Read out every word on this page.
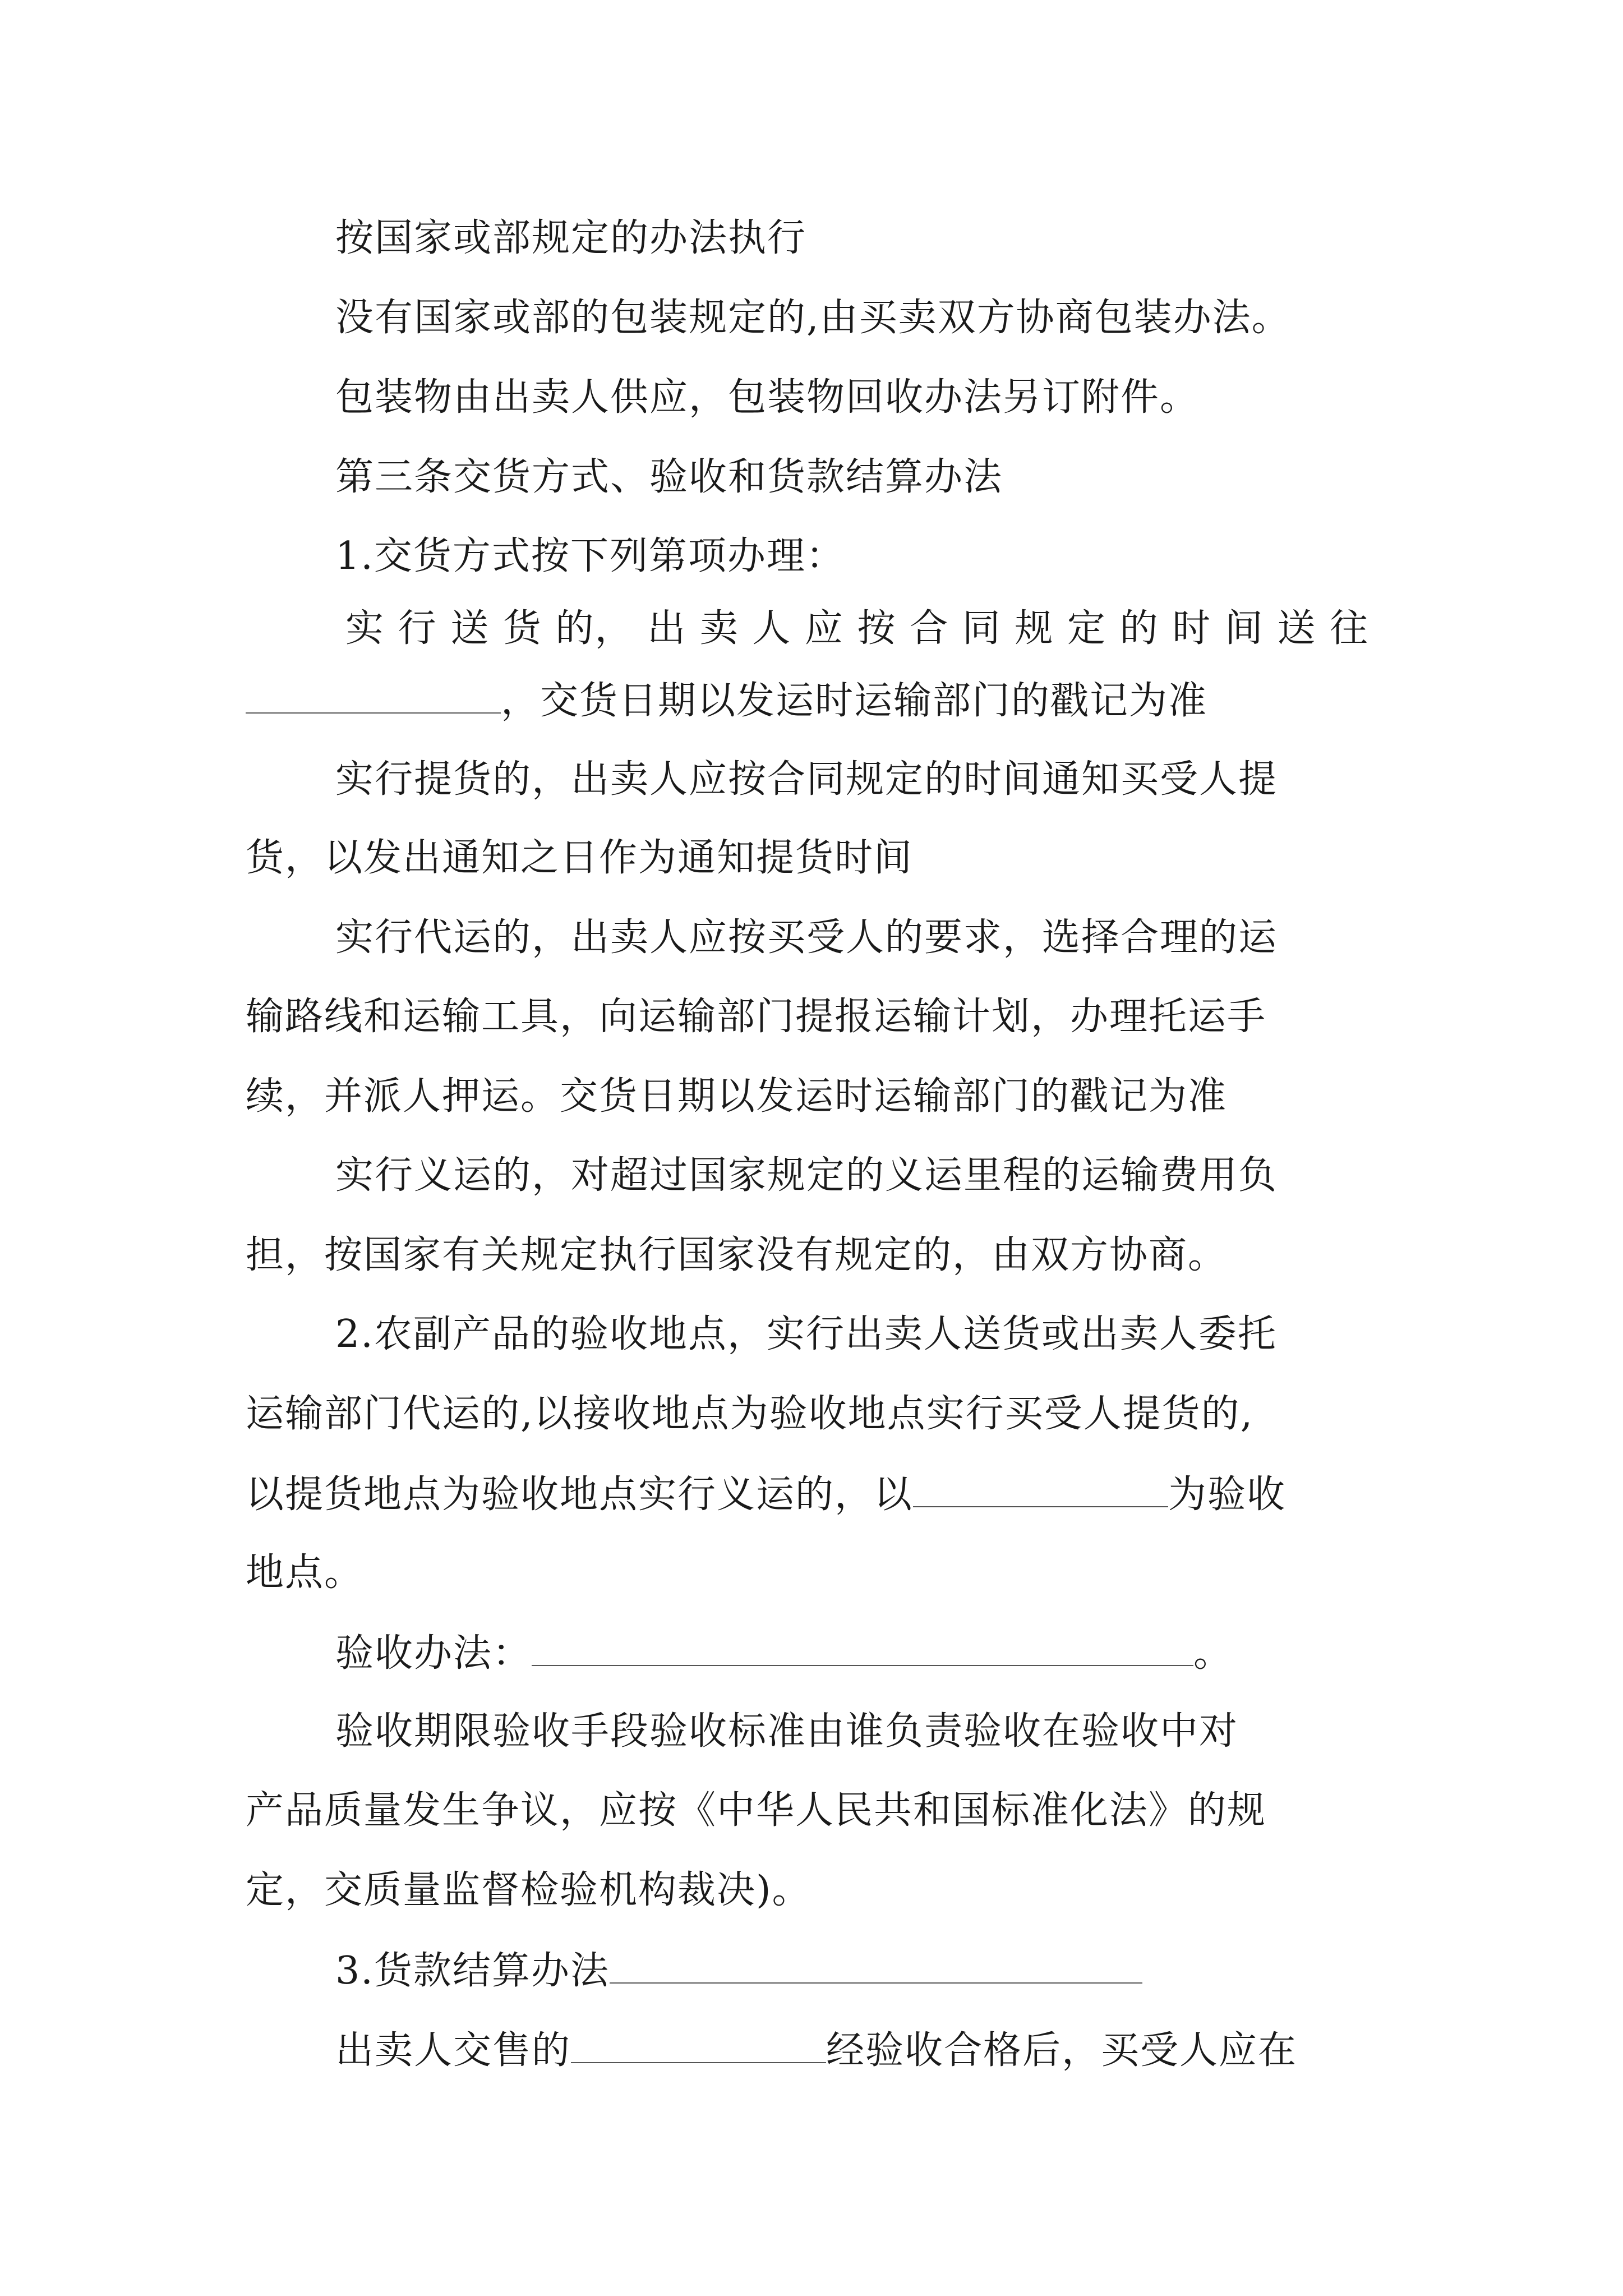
按国家或部规定的办法执行
没有国家或部的包装规定的,由买卖双方协商包装办法。
包装物由出卖人供应，包装物回收办法另订附件。
第三条交货方式、验收和货款结算办法
1.交货方式按下列第项办理：
实 行 送 货 的， 出 卖 人 应 按 合 同 规 定 的 时 间 送 往
，交货日期以发运时运输部门的戳记为准
实行提货的，出卖人应按合同规定的时间通知买受人提
货，以发出通知之日作为通知提货时间
实行代运的，出卖人应按买受人的要求，选择合理的运
输路线和运输工具，向运输部门提报运输计划，办理托运手
续，并派人押运。交货日期以发运时运输部门的戳记为准
实行义运的，对超过国家规定的义运里程的运输费用负
担，按国家有关规定执行国家没有规定的，由双方协商。
2.农副产品的验收地点，实行出卖人送货或出卖人委托
运输部门代运的,以接收地点为验收地点实行买受人提货的,
以提货地点为验收地点实行义运的，以	为验收
地点。
验收办法：	。
验收期限验收手段验收标准由谁负责验收在验收中对
产品质量发生争议，应按《中华人民共和国标准化法》的规
定，交质量监督检验机构裁决)。
3.货款结算办法
出卖人交售的	经验收合格后，买受人应在
